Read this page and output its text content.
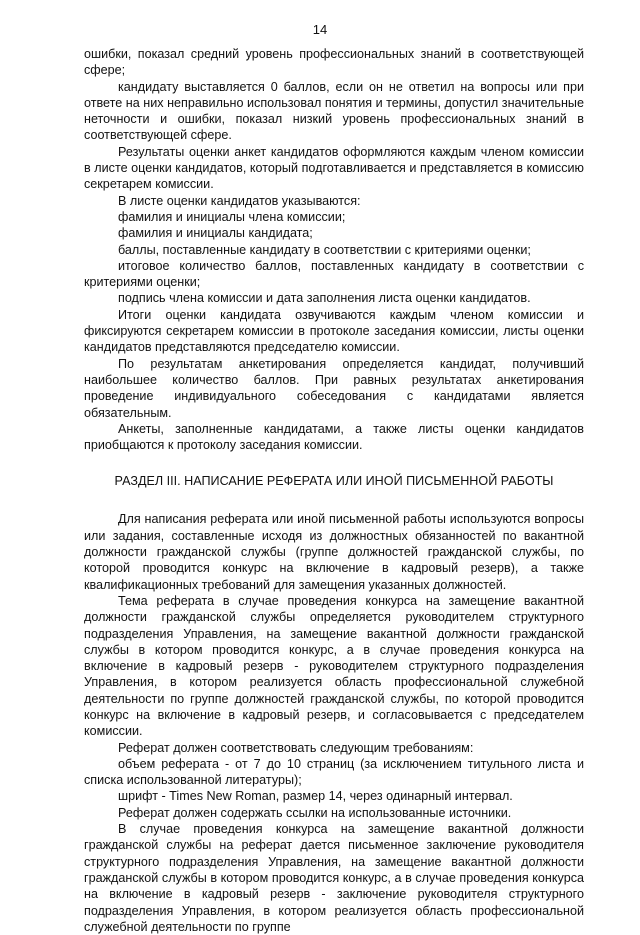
14

ошибки, показал средний уровень профессиональных знаний в соответствующей сфере;

кандидату выставляется 0 баллов, если он не ответил на вопросы или при ответе на них неправильно использовал понятия и термины, допустил значительные неточности и ошибки, показал низкий уровень профессиональных знаний в соответствующей сфере.

Результаты оценки анкет кандидатов оформляются каждым членом комиссии в листе оценки кандидатов, который подготавливается и представляется в комиссию секретарем комиссии.

В листе оценки кандидатов указываются:

фамилия и инициалы члена комиссии;

фамилия и инициалы кандидата;

баллы, поставленные кандидату в соответствии с критериями оценки;

итоговое количество баллов, поставленных кандидату в соответствии с критериями оценки;

подпись члена комиссии и дата заполнения листа оценки кандидатов.

Итоги оценки кандидата озвучиваются каждым членом комиссии и фиксируются секретарем комиссии в протоколе заседания комиссии, листы оценки кандидатов представляются председателю комиссии.

По результатам анкетирования определяется кандидат, получивший наибольшее количество баллов. При равных результатах анкетирования проведение индивидуального собеседования с кандидатами является обязательным.

Анкеты, заполненные кандидатами, а также листы оценки кандидатов приобщаются к протоколу заседания комиссии.

РАЗДЕЛ III. НАПИСАНИЕ РЕФЕРАТА ИЛИ ИНОЙ ПИСЬМЕННОЙ РАБОТЫ

Для написания реферата или иной письменной работы используются вопросы или задания, составленные исходя из должностных обязанностей по вакантной должности гражданской службы (группе должностей гражданской службы, по которой проводится конкурс на включение в кадровый резерв), а также квалификационных требований для замещения указанных должностей.

Тема реферата в случае проведения конкурса на замещение вакантной должности гражданской службы определяется руководителем структурного подразделения Управления, на замещение вакантной должности гражданской службы в котором проводится конкурс, а в случае проведения конкурса на включение в кадровый резерв - руководителем структурного подразделения Управления, в котором реализуется область профессиональной служебной деятельности по группе должностей гражданской службы, по которой проводится конкурс на включение в кадровый резерв, и согласовывается с председателем комиссии.

Реферат должен соответствовать следующим требованиям:

объем реферата - от 7 до 10 страниц (за исключением титульного листа и списка использованной литературы);

шрифт - Times New Roman, размер 14, через одинарный интервал.

Реферат должен содержать ссылки на использованные источники.

В случае проведения конкурса на замещение вакантной должности гражданской службы на реферат дается письменное заключение руководителя структурного подразделения Управления, на замещение вакантной должности гражданской службы в котором проводится конкурс, а в случае проведения конкурса на включение в кадровый резерв - заключение руководителя структурного подразделения Управления, в котором реализуется область профессиональной служебной деятельности по группе
